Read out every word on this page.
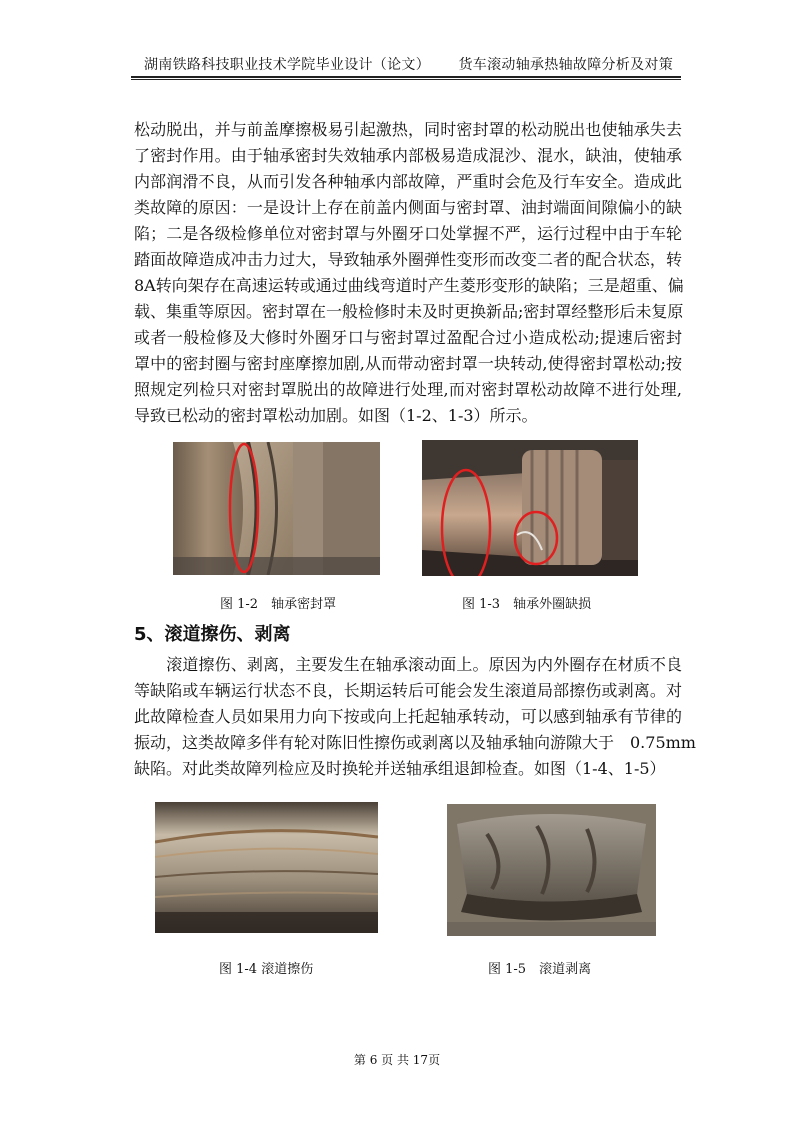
湖南铁路科技职业技术学院毕业设计（论文） 货车滚动轴承热轴故障分析及对策
松动脱出，并与前盖摩擦极易引起激热，同时密封罩的松动脱出也使轴承失去
了密封作用。由于轴承密封失效轴承内部极易造成混沙、混水，缺油，使轴承
内部润滑不良，从而引发各种轴承内部故障，严重时会危及行车安全。造成此
类故障的原因：一是设计上存在前盖内侧面与密封罩、油封端面间隙偏小的缺
陷；二是各级检修单位对密封罩与外圈牙口处掌握不严，运行过程中由于车轮
踏面故障造成冲击力过大，导致轴承外圈弹性变形而改变二者的配合状态，转
8A转向架存在高速运转或通过曲线弯道时产生菱形变形的缺陷；三是超重、偏
载、集重等原因。密封罩在一般检修时未及时更换新品;密封罩经整形后未复原
或者一般检修及大修时外圈牙口与密封罩过盈配合过小造成松动;提速后密封
罩中的密封圈与密封座摩擦加剧,从而带动密封罩一块转动,使得密封罩松动;按
照规定列检只对密封罩脱出的故障进行处理,而对密封罩松动故障不进行处理,
导致已松动的密封罩松动加剧。如图（1-2、1-3）所示。
图 1-2　轴承密封罩	图 1-3　轴承外圈缺损
5、滚道擦伤、剥离
　　滚道擦伤、剥离，主要发生在轴承滚动面上。原因为内外圈存在材质不良
等缺陷或车辆运行状态不良，长期运转后可能会发生滚道局部擦伤或剥离。对
此故障检查人员如果用力向下按或向上托起轴承转动，可以感到轴承有节律的
振动，这类故障多伴有轮对陈旧性擦伤或剥离以及轴承轴向游隙大于　0.75mm
缺陷。对此类故障列检应及时换轮并送轴承组退卸检查。如图（1-4、1-5）
图 1-4 滚道擦伤	图 1-5　滚道剥离
第 6 页 共 17页
